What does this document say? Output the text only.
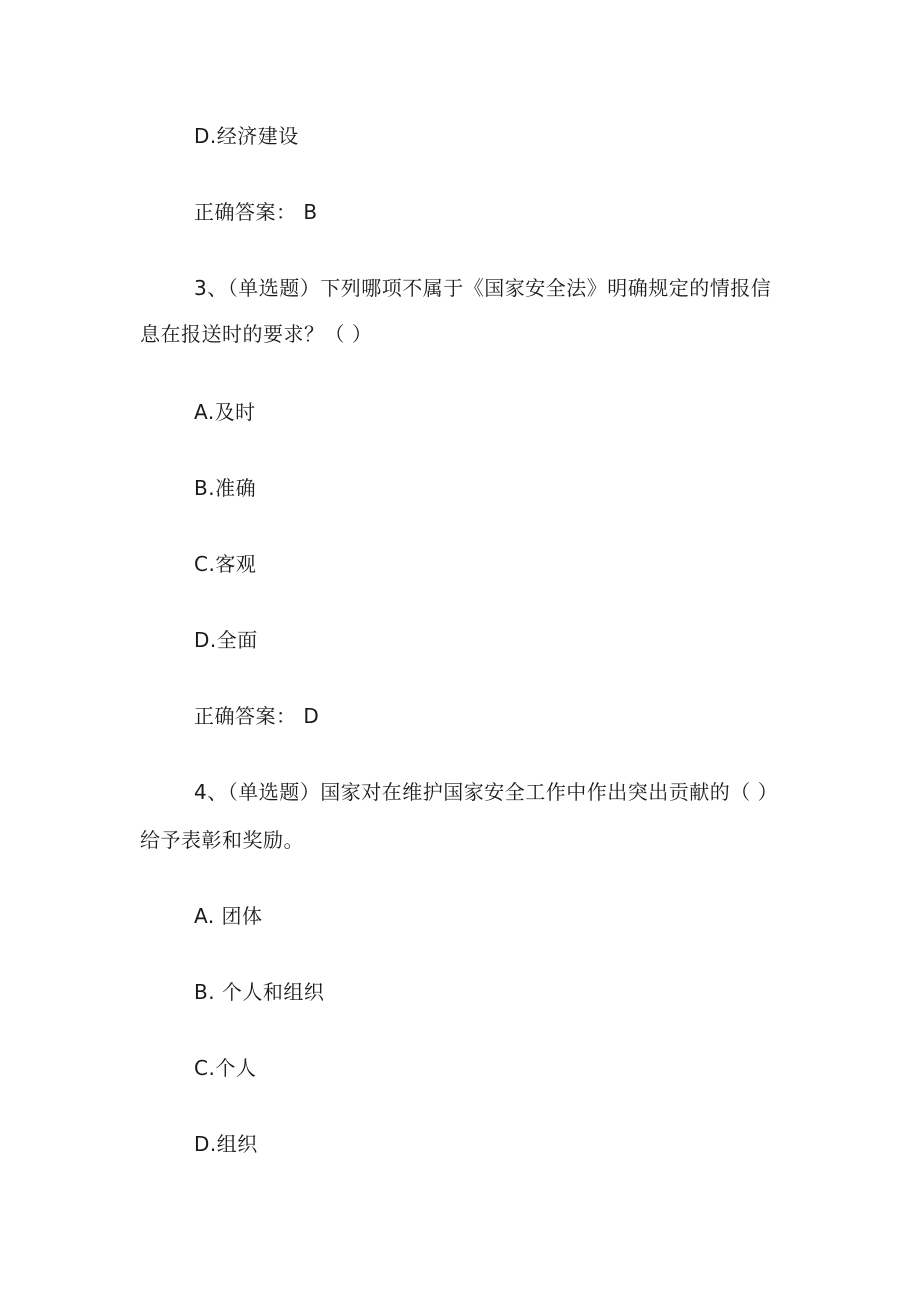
D.经济建设
正确答案： B
3、（单选题）下列哪项不属于《国家安全法》明确规定的情报信
息在报送时的要求？（ ）
A.及时
B.准确
C.客观
D.全面
正确答案： D
4、（单选题）国家对在维护国家安全工作中作出突出贡献的（ ）
给予表彰和奖励。
A. 团体
B. 个人和组织
C.个人
D.组织
